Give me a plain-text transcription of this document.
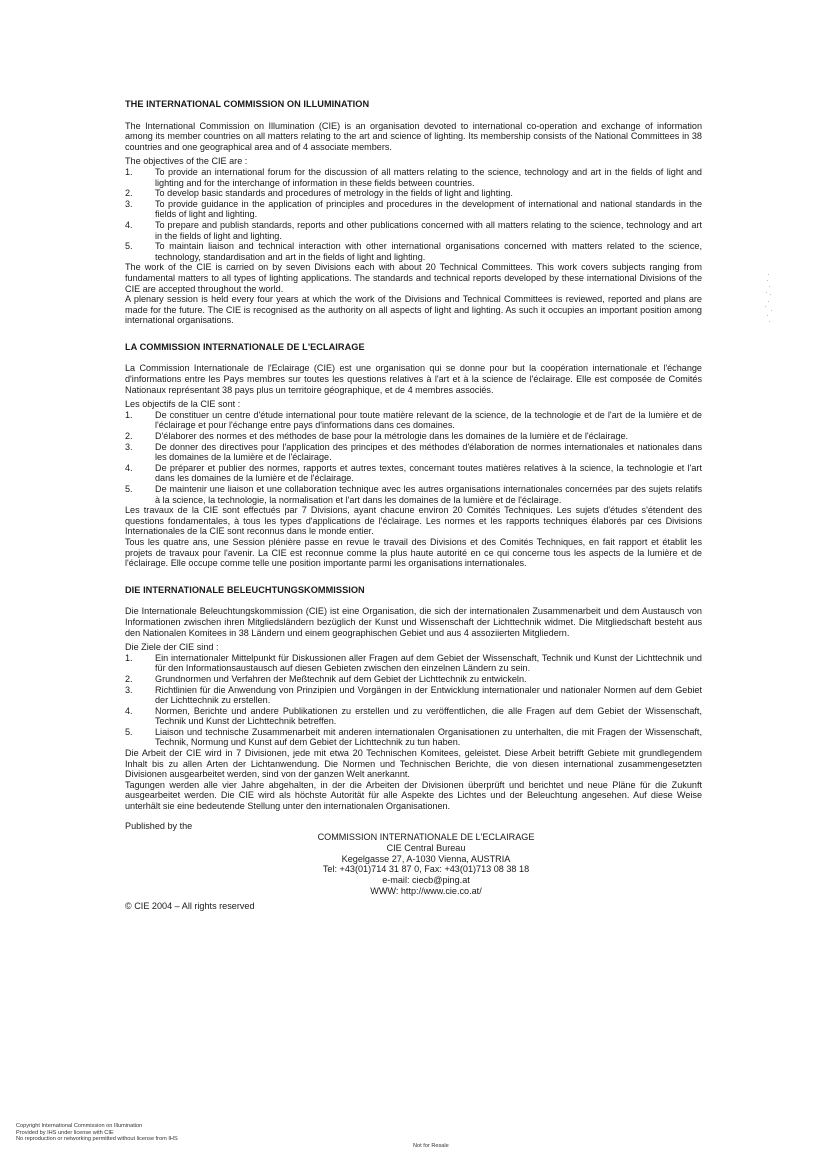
THE INTERNATIONAL COMMISSION ON ILLUMINATION

The International Commission on Illumination (CIE) is an organisation devoted to international co-operation and exchange of information among its member countries on all matters relating to the art and science of lighting. Its membership consists of the National Committees in 38 countries and one geographical area and of 4 associate members.

The objectives of the CIE are :

1.	To provide an international forum for the discussion of all matters relating to the science, technology and art in the fields of light and lighting and for the interchange of information in these fields between countries.
2.	To develop basic standards and procedures of metrology in the fields of light and lighting.
3.	To provide guidance in the application of principles and procedures in the development of international and national standards in the fields of light and lighting.
4.	To prepare and publish standards, reports and other publications concerned with all matters relating to the science, technology and art in the fields of light and lighting.
5.	To maintain liaison and technical interaction with other international organisations concerned with matters related to the science, technology, standardisation and art in the fields of light and lighting.

The work of the CIE is carried on by seven Divisions each with about 20 Technical Committees. This work covers subjects ranging from fundamental matters to all types of lighting applications. The standards and technical reports developed by these international Divisions of the CIE are accepted throughout the world.

A plenary session is held every four years at which the work of the Divisions and Technical Committees is reviewed, reported and plans are made for the future. The CIE is recognised as the authority on all aspects of light and lighting. As such it occupies an important position among international organisations.

LA COMMISSION INTERNATIONALE DE L'ECLAIRAGE

La Commission Internationale de l'Eclairage (CIE) est une organisation qui se donne pour but la coopération internationale et l'échange d'informations entre les Pays membres sur toutes les questions relatives à l'art et à la science de l'éclairage. Elle est composée de Comités Nationaux représentant 38 pays plus un territoire géographique, et de 4 membres associés.

Les objectifs de la CIE sont :

1.	De constituer un centre d'étude international pour toute matière relevant de la science, de la technologie et de l'art de la lumière et de l'éclairage et pour l'échange entre pays d'informations dans ces domaines.
2.	D'élaborer des normes et des méthodes de base pour la métrologie dans les domaines de la lumière et de l'éclairage.
3.	De donner des directives pour l'application des principes et des méthodes d'élaboration de normes internationales et nationales dans les domaines de la lumière et de l'éclairage.
4.	De préparer et publier des normes, rapports et autres textes, concernant toutes matières relatives à la science, la technologie et l'art dans les domaines de la lumière et de l'éclairage.
5.	De maintenir une liaison et une collaboration technique avec les autres organisations internationales concernées par des sujets relatifs à la science, la technologie, la normalisation et l'art dans les domaines de la lumière et de l'éclairage.

Les travaux de la CIE sont effectués par 7 Divisions, ayant chacune environ 20 Comités Techniques. Les sujets d'études s'étendent des questions fondamentales, à tous les types d'applications de l'éclairage. Les normes et les rapports techniques élaborés par ces Divisions Internationales de la CIE sont reconnus dans le monde entier.

Tous les quatre ans, une Session plénière passe en revue le travail des Divisions et des Comités Techniques, en fait rapport et établit les projets de travaux pour l'avenir. La CIE est reconnue comme la plus haute autorité en ce qui concerne tous les aspects de la lumière et de l'éclairage. Elle occupe comme telle une position importante parmi les organisations internationales.

DIE INTERNATIONALE BELEUCHTUNGSKOMMISSION

Die Internationale Beleuchtungskommission (CIE) ist eine Organisation, die sich der internationalen Zusammenarbeit und dem Austausch von Informationen zwischen ihren Mitgliedsländern bezüglich der Kunst und Wissenschaft der Lichttechnik widmet. Die Mitgliedschaft besteht aus den Nationalen Komitees in 38 Ländern und einem geographischen Gebiet und aus 4 assoziierten Mitgliedern.

Die Ziele der CIE sind :

1.	Ein internationaler Mittelpunkt für Diskussionen aller Fragen auf dem Gebiet der Wissenschaft, Technik und Kunst der Lichttechnik und für den Informationsaustausch auf diesen Gebieten zwischen den einzelnen Ländern zu sein.
2.	Grundnormen und Verfahren der Meßtechnik auf dem Gebiet der Lichttechnik zu entwickeln.
3.	Richtlinien für die Anwendung von Prinzipien und Vorgängen in der Entwicklung internationaler und nationaler Normen auf dem Gebiet der Lichttechnik zu erstellen.
4.	Normen, Berichte und andere Publikationen zu erstellen und zu veröffentlichen, die alle Fragen auf dem Gebiet der Wissenschaft, Technik und Kunst der Lichttechnik betreffen.
5.	Liaison und technische Zusammenarbeit mit anderen internationalen Organisationen zu unterhalten, die mit Fragen der Wissenschaft, Technik, Normung und Kunst auf dem Gebiet der Lichttechnik zu tun haben.

Die Arbeit der CIE wird in 7 Divisionen, jede mit etwa 20 Technischen Komitees, geleistet. Diese Arbeit betrifft Gebiete mit grundlegendem Inhalt bis zu allen Arten der Lichtanwendung. Die Normen und Technischen Berichte, die von diesen international zusammengesetzten Divisionen ausgearbeitet werden, sind von der ganzen Welt anerkannt.

Tagungen werden alle vier Jahre abgehalten, in der die Arbeiten der Divisionen überprüft und berichtet und neue Pläne für die Zukunft ausgearbeitet werden. Die CIE wird als höchste Autorität für alle Aspekte des Lichtes und der Beleuchtung angesehen. Auf diese Weise unterhält sie eine bedeutende Stellung unter den internationalen Organisationen.

Published by the
COMMISSION INTERNATIONALE DE L'ECLAIRAGE
CIE Central Bureau
Kegelgasse 27, A-1030 Vienna, AUSTRIA
Tel: +43(01)714 31 87 0, Fax: +43(01)713 08 38 18
e-mail: ciecb@ping.at
WWW: http://www.cie.co.at/
© CIE 2004 – All rights reserved
Copyright International Commission on Illumination
Provided by IHS under license with CIE
No reproduction or networking permitted without license from IHS
Not for Resale
